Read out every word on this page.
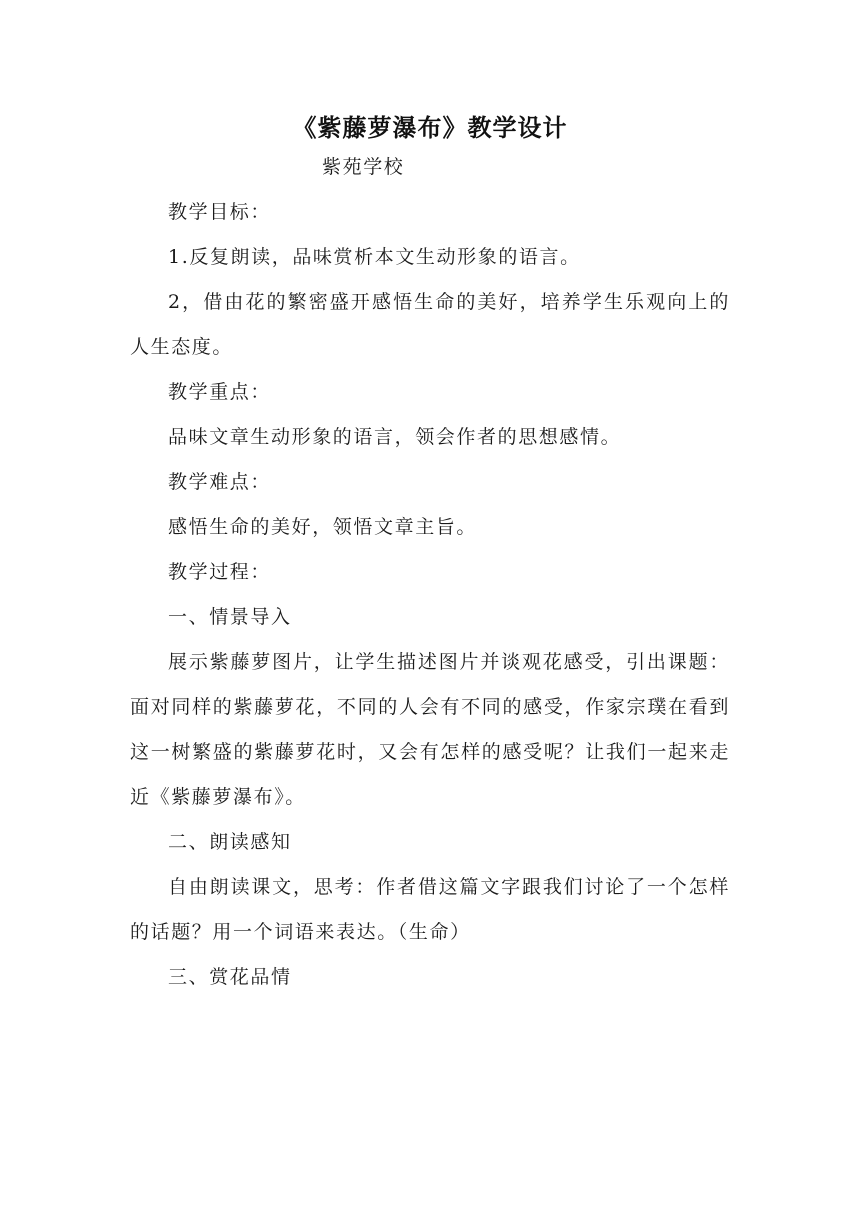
《紫藤萝瀑布》教学设计
紫苑学校

教学目标：

1.反复朗读，品味赏析本文生动形象的语言。

2，借由花的繁密盛开感悟生命的美好，培养学生乐观向上的人生态度。

教学重点：

品味文章生动形象的语言，领会作者的思想感情。

教学难点：

感悟生命的美好，领悟文章主旨。

教学过程：

一、情景导入

展示紫藤萝图片，让学生描述图片并谈观花感受，引出课题：面对同样的紫藤萝花，不同的人会有不同的感受，作家宗璞在看到这一树繁盛的紫藤萝花时，又会有怎样的感受呢？让我们一起来走近《紫藤萝瀑布》。

二、朗读感知

自由朗读课文，思考：作者借这篇文字跟我们讨论了一个怎样的话题？用一个词语来表达。（生命）

三、赏花品情
